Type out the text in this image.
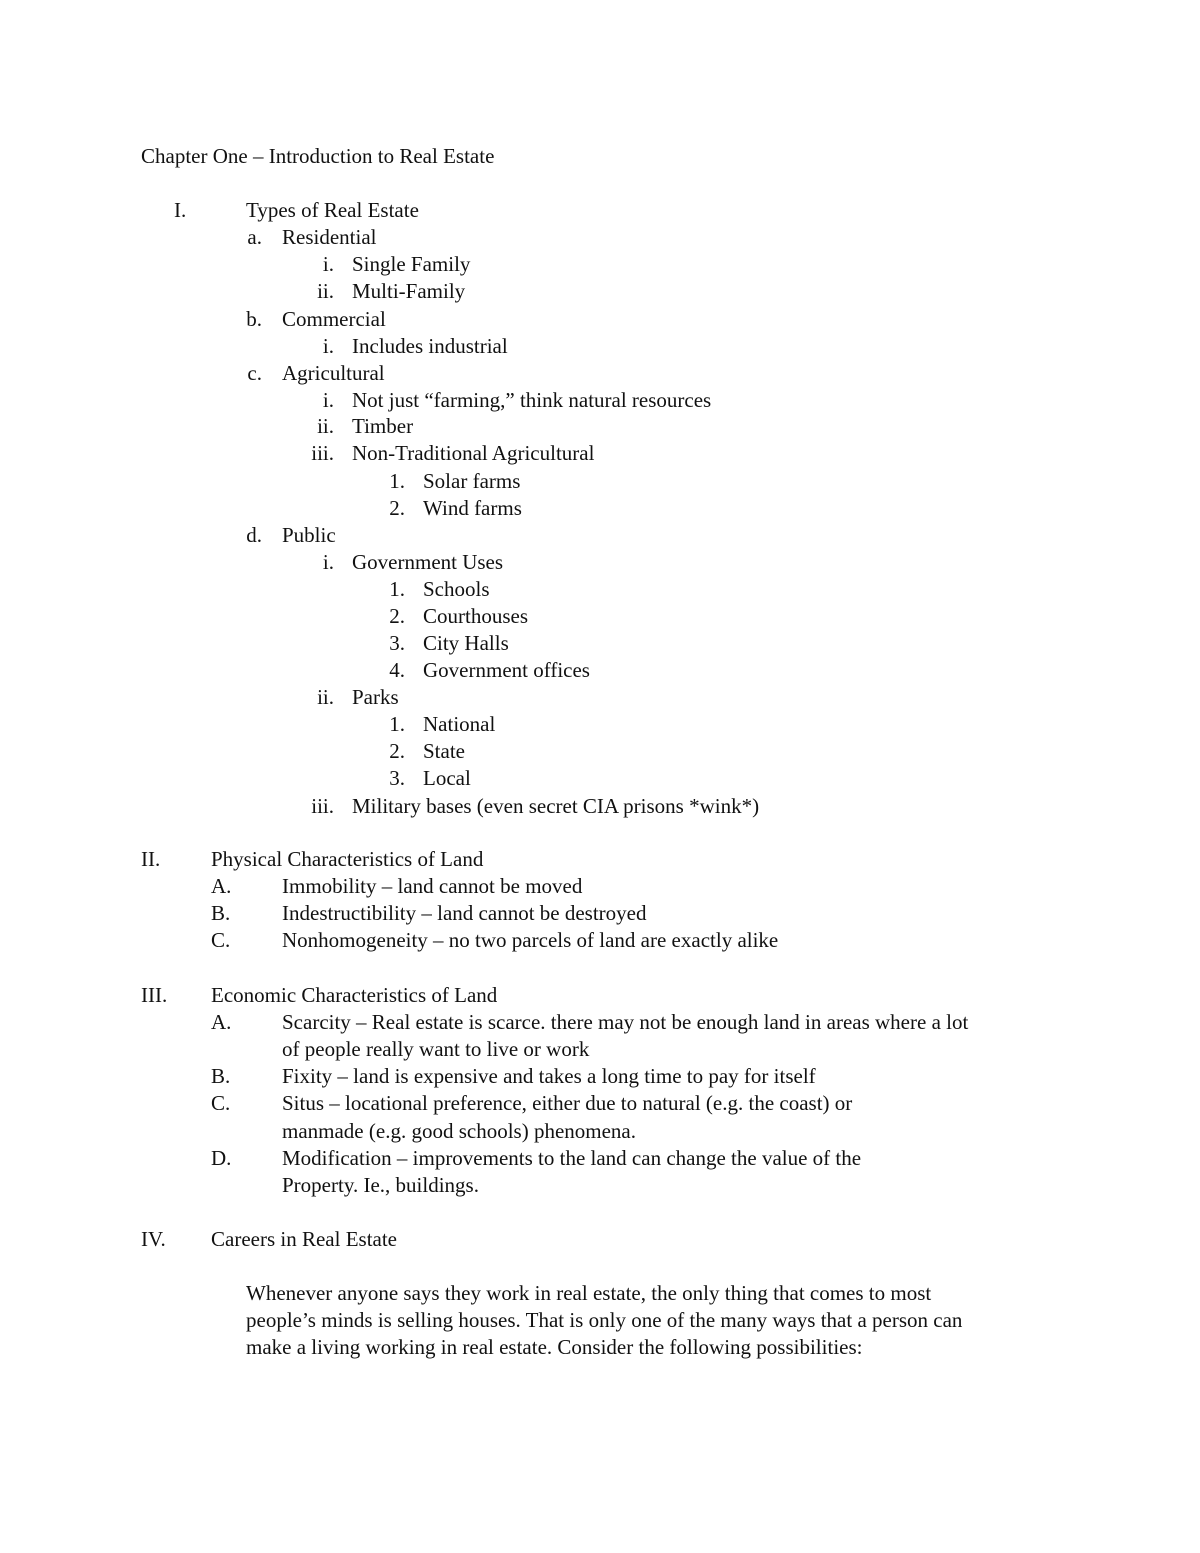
Chapter One – Introduction to Real Estate
I.	Types of Real Estate
a. Residential
i. Single Family
ii. Multi-Family
b. Commercial
i. Includes industrial
c. Agricultural
i. Not just “farming,” think natural resources
ii. Timber
iii. Non-Traditional Agricultural
1. Solar farms
2. Wind farms
d. Public
i. Government Uses
1. Schools
2. Courthouses
3. City Halls
4. Government offices
ii. Parks
1. National
2. State
3. Local
iii. Military bases (even secret CIA prisons *wink*)
II. Physical Characteristics of Land
A. Immobility – land cannot be moved
B. Indestructibility – land cannot be destroyed
C. Nonhomogeneity – no two parcels of land are exactly alike
III. Economic Characteristics of Land
A. Scarcity – Real estate is scarce. there may not be enough land in areas where a lot
of people really want to live or work
B. Fixity – land is expensive and takes a long time to pay for itself
C. Situs – locational preference, either due to natural (e.g. the coast) or
manmade (e.g. good schools) phenomena.
D. Modification – improvements to the land can change the value of the
Property. Ie., buildings.
IV. Careers in Real Estate
Whenever anyone says they work in real estate, the only thing that comes to most
people’s minds is selling houses. That is only one of the many ways that a person can
make a living working in real estate. Consider the following possibilities:
